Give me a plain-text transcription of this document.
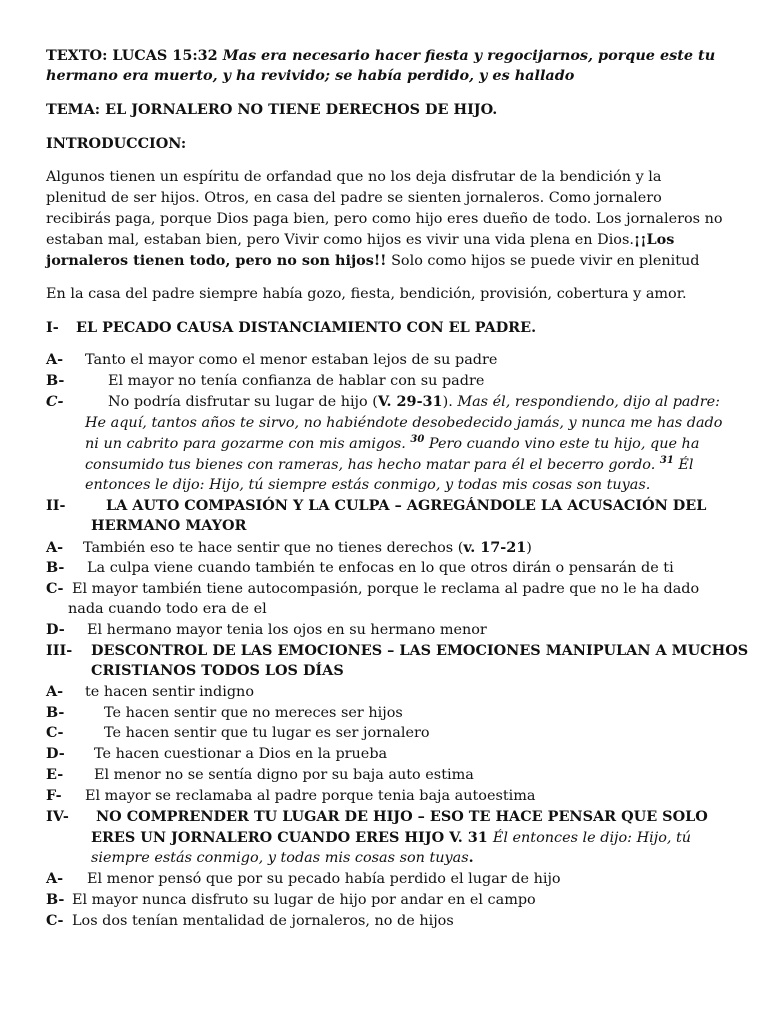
TEXTO: LUCAS 15:32 Mas era necesario hacer fiesta y regocijarnos, porque este tu
hermano era muerto, y ha revivido; se había perdido, y es hallado
TEMA: EL JORNALERO NO TIENE DERECHOS DE HIJO.
INTRODUCCION:
Algunos tienen un espíritu de orfandad que no los deja disfrutar de la bendición y la
plenitud de ser hijos. Otros, en casa del padre se sienten jornaleros. Como jornalero
recibirás paga, porque Dios paga bien, pero como hijo eres dueño de todo. Los jornaleros no
estaban mal, estaban bien, pero Vivir como hijos es vivir una vida plena en Dios.¡¡Los
jornaleros tienen todo, pero no son hijos!! Solo como hijos se puede vivir en plenitud
En la casa del padre siempre había gozo, fiesta, bendición, provisión, cobertura y amor.
I- EL PECADO CAUSA DISTANCIAMIENTO CON EL PADRE.
A- Tanto el mayor como el menor estaban lejos de su padre
B-	El mayor no tenía confianza de hablar con su padre
C-	No podría disfrutar su lugar de hijo (V. 29-31). Mas él, respondiendo, dijo al padre:
He aquí, tantos años te sirvo, no habiéndote desobedecido jamás, y nunca me has dado
ni un cabrito para gozarme con mis amigos. $^{30}$ Pero cuando vino este tu hijo, que ha
consumido tus bienes con rameras, has hecho matar para él el becerro gordo. $^{31}$ Él
entonces le dijo: Hijo, tú siempre estás conmigo, y todas mis cosas son tuyas.
II-	LA AUTO COMPASIÓN Y LA CULPA – AGREGÁNDOLE LA ACUSACIÓN DEL
HERMANO MAYOR
A- También eso te hace sentir que no tienes derechos (v. 17-21)
B- La culpa viene cuando también te enfocas en lo que otros dirán o pensarán de ti
C- El mayor también tiene autocompasión, porque le reclama al padre que no le ha dado
nada cuando todo era de el
D- El hermano mayor tenia los ojos en su hermano menor
III- DESCONTROL DE LAS EMOCIONES – LAS EMOCIONES MANIPULAN A MUCHOS
CRISTIANOS TODOS LOS DÍAS
A- te hacen sentir indigno
B-	Te hacen sentir que no mereces ser hijos
C-	Te hacen sentir que tu lugar es ser jornalero
D- Te hacen cuestionar a Dios en la prueba
E- El menor no se sentía digno por su baja auto estima
F- El mayor se reclamaba al padre porque tenia baja autoestima
IV- NO COMPRENDER TU LUGAR DE HIJO – ESO TE HACE PENSAR QUE SOLO
ERES UN JORNALERO CUANDO ERES HIJO V. 31 Él entonces le dijo: Hijo, tú
siempre estás conmigo, y todas mis cosas son tuyas.
A- El menor pensó que por su pecado había perdido el lugar de hijo
B- El mayor nunca disfruto su lugar de hijo por andar en el campo
C- Los dos tenían mentalidad de jornaleros, no de hijos
